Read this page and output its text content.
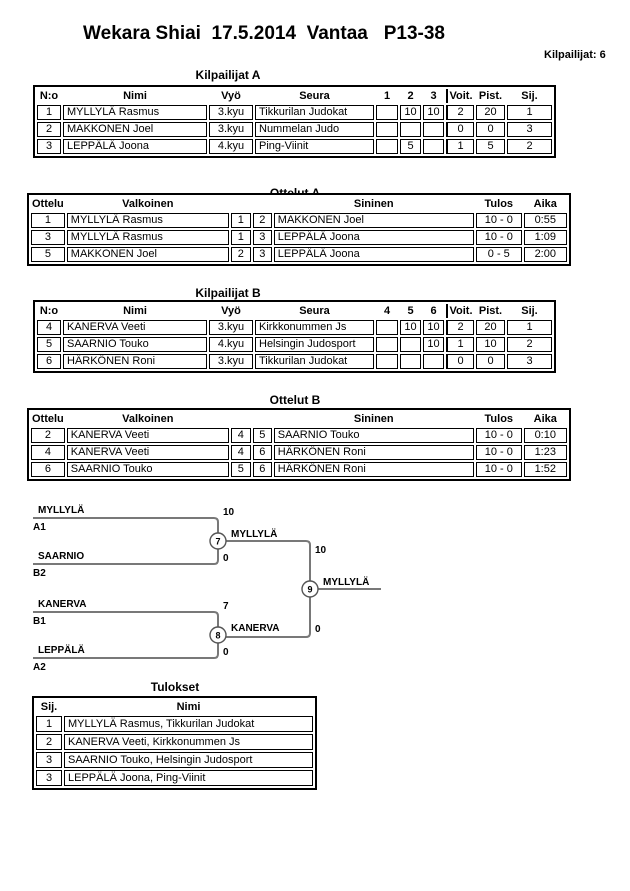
Wekara Shiai  17.5.2014  Vantaa   P13-38
Kilpailijat: 6
Kilpailijat A
N:o	Nimi	Vyö	Seura	1	2	3	Voit.	Pist.	Sij.
1	MYLLYLÄ Rasmus	3.kyu	Tikkurilan Judokat		10	10	2	20	1
2	MAKKONEN Joel	3.kyu	Nummelan Judo				0	0	3
3	LEPPÄLÄ Joona	4.kyu	Ping-Viinit		5		1	5	2
Ottelu	Valkoinen			Sininen	Tulos	Aika
1	MYLLYLÄ Rasmus	1	2	MAKKONEN Joel	10 - 0	0:55
3	MYLLYLÄ Rasmus	1	3	LEPPÄLÄ Joona	10 - 0	1:09
5	MAKKONEN Joel	2	3	LEPPÄLÄ Joona	0 - 5	2:00
Kilpailijat B
N:o	Nimi	Vyö	Seura	4	5	6	Voit.	Pist.	Sij.
4	KANERVA Veeti	3.kyu	Kirkkonummen Js		10	10	2	20	1
5	SAARNIO Touko	4.kyu	Helsingin Judosport			10	1	10	2
6	HÄRKÖNEN Roni	3.kyu	Tikkurilan Judokat				0	0	3
Ottelut B
Ottelu	Valkoinen			Sininen	Tulos	Aika
2	KANERVA Veeti	4	5	SAARNIO Touko	10 - 0	0:10
4	KANERVA Veeti	4	6	HÄRKÖNEN Roni	10 - 0	1:23
6	SAARNIO Touko	5	6	HÄRKÖNEN Roni	10 - 0	1:52
MYLLYLÄ
A1
10
SAARNIO
B2
0
MYLLYLÄ
KANERVA
B1
7
LEPPÄLÄ
A2
0
KANERVA
10
0
MYLLYLÄ
7
8
9
Tulokset
Sij.	Nimi
1	MYLLYLÄ Rasmus, Tikkurilan Judokat
2	KANERVA Veeti, Kirkkonummen Js
3	SAARNIO Touko, Helsingin Judosport
3	LEPPÄLÄ Joona, Ping-Viinit
